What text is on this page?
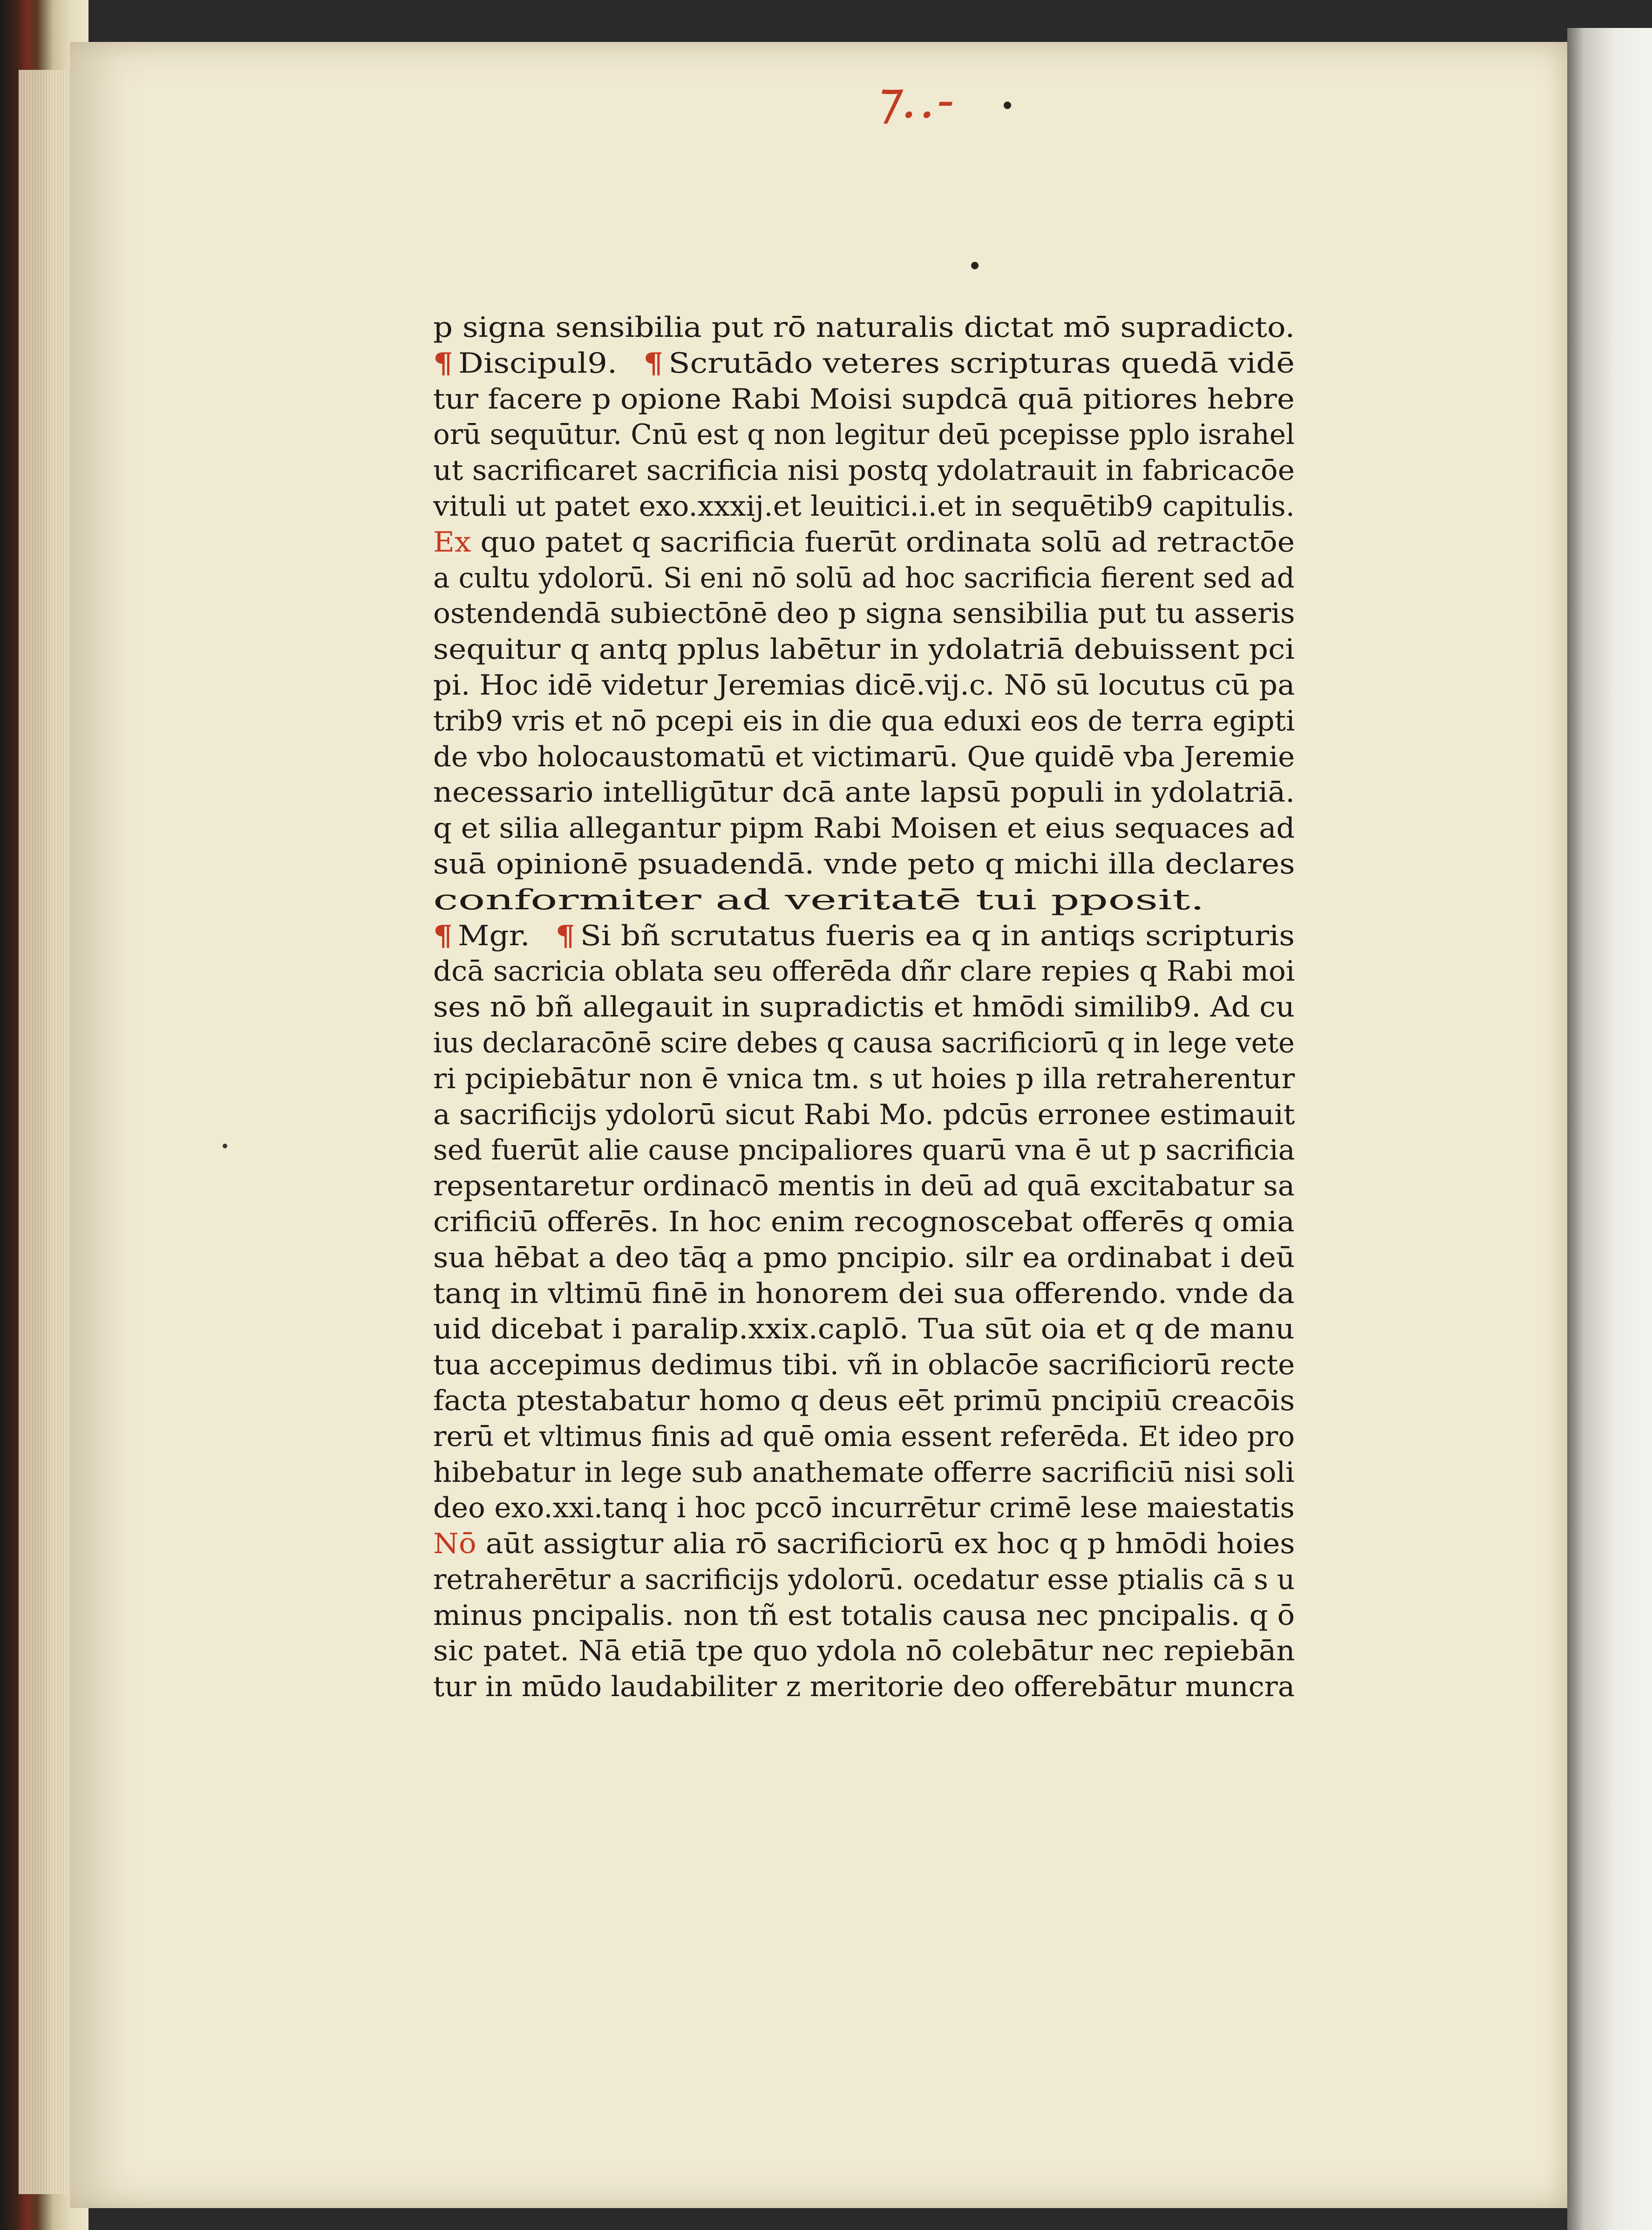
⁊..-
p signa sensibilia put rō naturalis dictat mō supradicto.
¶ Discipul9. ¶ Scrutādo veteres scripturas quedā vidē
tur facere p opione Rabi Moisi supdcā quā pitiores hebre
orū sequūtur. Cnū est q non legitur deū pcepisse pplo israhel
ut sacrificaret sacrificia nisi postq ydolatrauit in fabricacōe
vituli ut patet exo.xxxij.et leuitici.i.et in sequētib9 capitulis.
Ex quo patet q sacrificia fuerūt ordinata solū ad retractōe
a cultu ydolorū. Si eni nō solū ad hoc sacrificia fierent sed ad
ostendendā subiectōnē deo p signa sensibilia put tu asseris
sequitur q antq pplus labētur in ydolatriā debuissent pci
pi. Hoc idē videtur Jeremias dicē.vij.c. Nō sū locutus cū pa
trib9 vris et nō pcepi eis in die qua eduxi eos de terra egipti
de vbo holocaustomatū et victimarū. Que quidē vba Jeremie
necessario intelligūtur dcā ante lapsū populi in ydolatriā.
q et silia allegantur pipm Rabi Moisen et eius sequaces ad
suā opinionē psuadendā. vnde peto q michi illa declares
conformiter ad veritatē tui pposit.
¶ Mgr. ¶ Si bñ scrutatus fueris ea q in antiqs scripturis
dcā sacricia oblata seu offerēda dñr clare repies q Rabi moi
ses nō bñ allegauit in supradictis et hmōdi similib9. Ad cu
ius declaracōnē scire debes q causa sacrificiorū q in lege vete
ri pcipiebātur non ē vnica tm. s ut hoies p illa retraherentur
a sacrificijs ydolorū sicut Rabi Mo. pdcūs erronee estimauit
sed fuerūt alie cause pncipaliores quarū vna ē ut p sacrificia
repsentaretur ordinacō mentis in deū ad quā excitabatur sa
crificiū offerēs. In hoc enim recognoscebat offerēs q omia
sua hēbat a deo tāq a pmo pncipio. silr ea ordinabat i deū
tanq in vltimū finē in honorem dei sua offerendo. vnde da
uid dicebat i paralip.xxix.caplō. Tua sūt oia et q de manu
tua accepimus dedimus tibi. vñ in oblacōe sacrificiorū recte
facta ptestabatur homo q deus eēt primū pncipiū creacōis
rerū et vltimus finis ad quē omia essent referēda. Et ideo pro
hibebatur in lege sub anathemate offerre sacrificiū nisi soli
deo exo.xxi.tanq i hoc pccō incurrētur crimē lese maiestatis
Nō aūt assigtur alia rō sacrificiorū ex hoc q p hmōdi hoies
retraherētur a sacrificijs ydolorū. ocedatur esse ptialis cā s u
minus pncipalis. non tñ est totalis causa nec pncipalis. q ō
sic patet. Nā etiā tpe quo ydola nō colebātur nec repiebān
tur in mūdo laudabiliter z meritorie deo offerebātur muncra
